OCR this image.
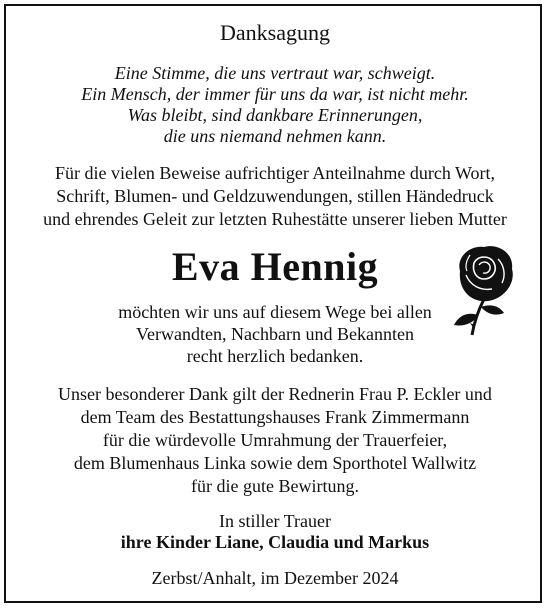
Danksagung
Eine Stimme, die uns vertraut war, schweigt.
Ein Mensch, der immer für uns da war, ist nicht mehr.
Was bleibt, sind dankbare Erinnerungen,
die uns niemand nehmen kann.
Für die vielen Beweise aufrichtiger Anteilnahme durch Wort,
Schrift, Blumen- und Geldzuwendungen, stillen Händedruck
und ehrendes Geleit zur letzten Ruhestätte unserer lieben Mutter
Eva Hennig
möchten wir uns auf diesem Wege bei allen
Verwandten, Nachbarn und Bekannten
recht herzlich bedanken.
Unser besonderer Dank gilt der Rednerin Frau P. Eckler und
dem Team des Bestattungshauses Frank Zimmermann
für die würdevolle Umrahmung der Trauerfeier,
dem Blumenhaus Linka sowie dem Sporthotel Wallwitz
für die gute Bewirtung.
In stiller Trauer
ihre Kinder Liane, Claudia und Markus
Zerbst/Anhalt, im Dezember 2024
